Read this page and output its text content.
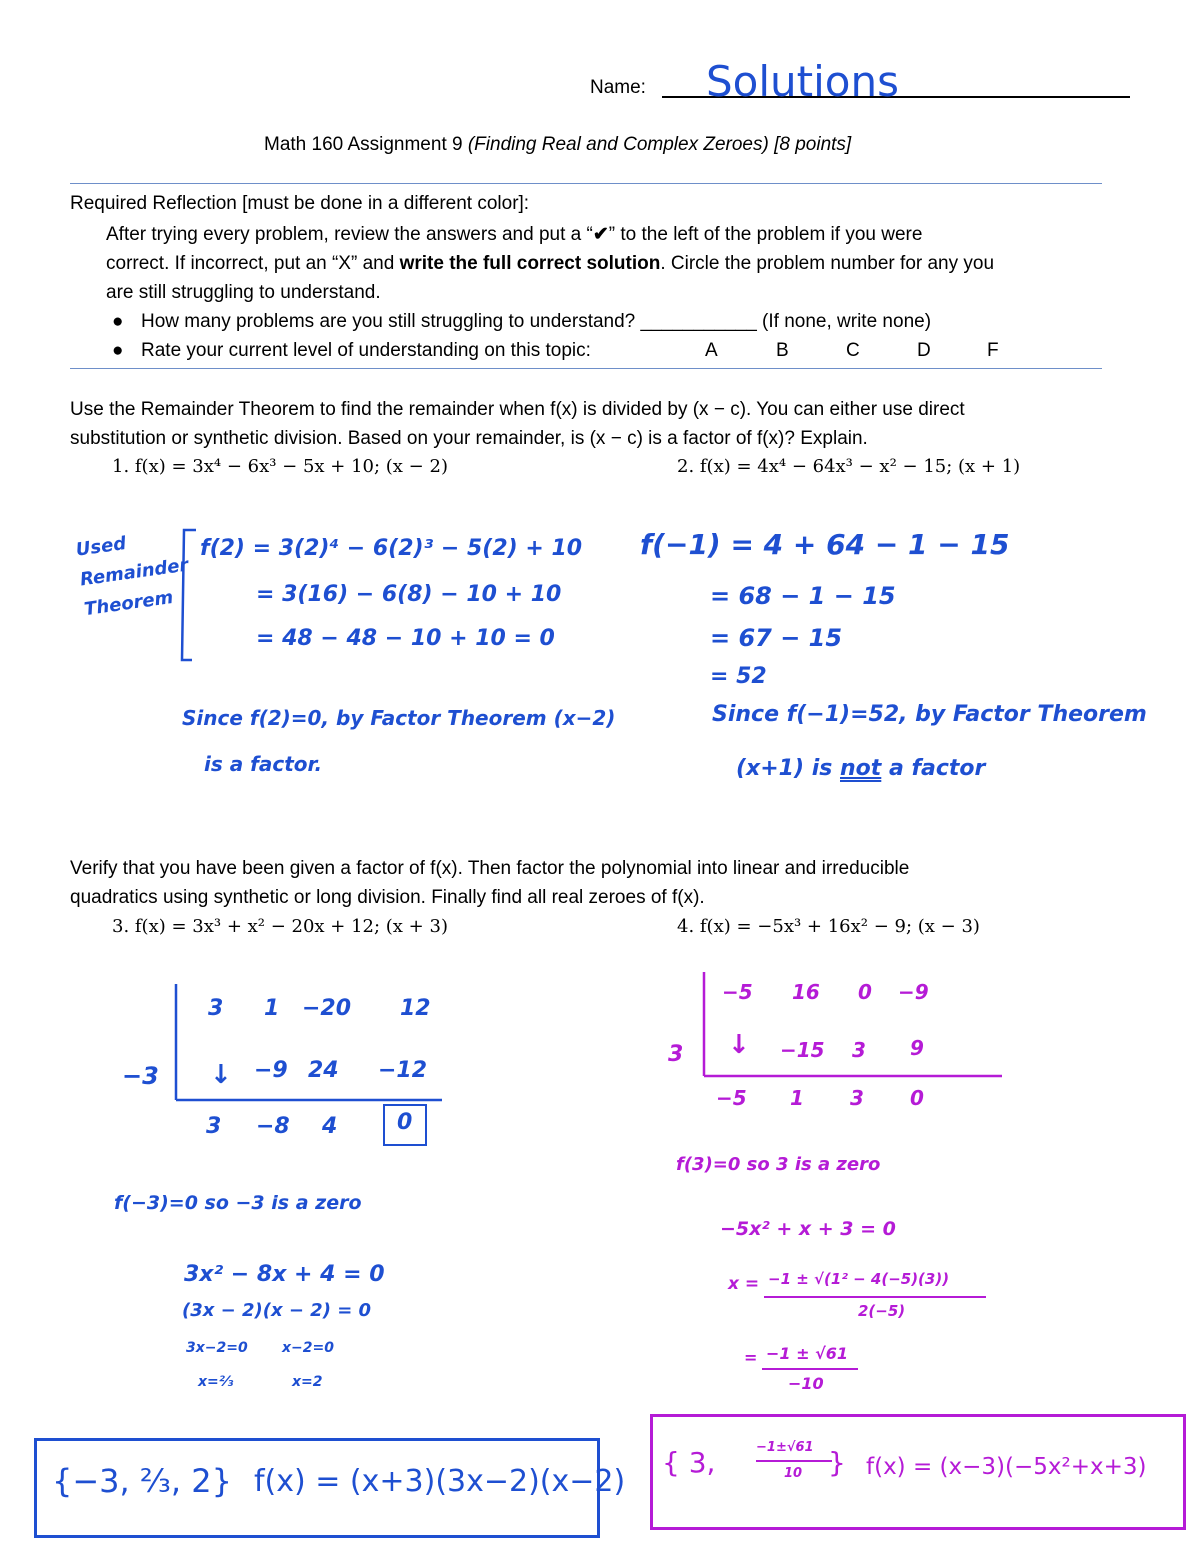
Name: Solutions
Math 160 Assignment 9 (Finding Real and Complex Zeroes) [8 points]
Required Reflection [must be done in a different color]:
After trying every problem, review the answers and put a “✔” to the left of the problem if you were
correct. If incorrect, put an “X” and write the full correct solution. Circle the problem number for any you
are still struggling to understand.
● How many problems are you still struggling to understand? ___________ (If none, write none)
● Rate your current level of understanding on this topic:	A	B	C	D	F
Use the Remainder Theorem to find the remainder when f(x) is divided by (x − c). You can either use direct
substitution or synthetic division. Based on your remainder, is (x − c) is a factor of f(x)? Explain.
1. f(x) = 3x⁴ − 6x³ − 5x + 10; (x − 2)	2. f(x) = 4x⁴ − 64x³ − x² − 15; (x + 1)
Used
Remainder
Theorem
f(2) = 3(2)⁴ − 6(2)³ − 5(2) + 10
= 3(16) − 6(8) − 10 + 10
= 48 − 48 − 10 + 10 = 0
Since f(2)=0, by Factor Theorem (x−2)
is a factor.
f(−1) = 4 + 64 − 1 − 15
= 68 − 1 − 15
= 67 − 15
= 52
Since f(−1)=52, by Factor Theorem
(x+1) is not a factor
Verify that you have been given a factor of f(x). Then factor the polynomial into linear and irreducible
quadratics using synthetic or long division. Finally find all real zeroes of f(x).
3. f(x) = 3x³ + x² − 20x + 12; (x + 3)	4. f(x) = −5x³ + 16x² − 9; (x − 3)
−3
3 1 −20 12
↓ −9 24 −12
3 −8 4	0
f(−3)=0 so −3 is a zero
3x² − 8x + 4 = 0
(3x − 2)(x − 2) = 0
3x−2=0
x=⅔
x−2=0
x=2
{−3, ⅔, 2} f(x) = (x+3)(3x−2)(x−2)
3
−5 16 0 −9
↓ −15 3 9
−5 1 3 0
f(3)=0 so 3 is a zero
−5x² + x + 3 = 0
x = −1 ± √(1² − 4(−5)(3))
2(−5)
= −1 ± √61
−10
{ 3,	−1±√61
10 } f(x) = (x−3)(−5x²+x+3)
